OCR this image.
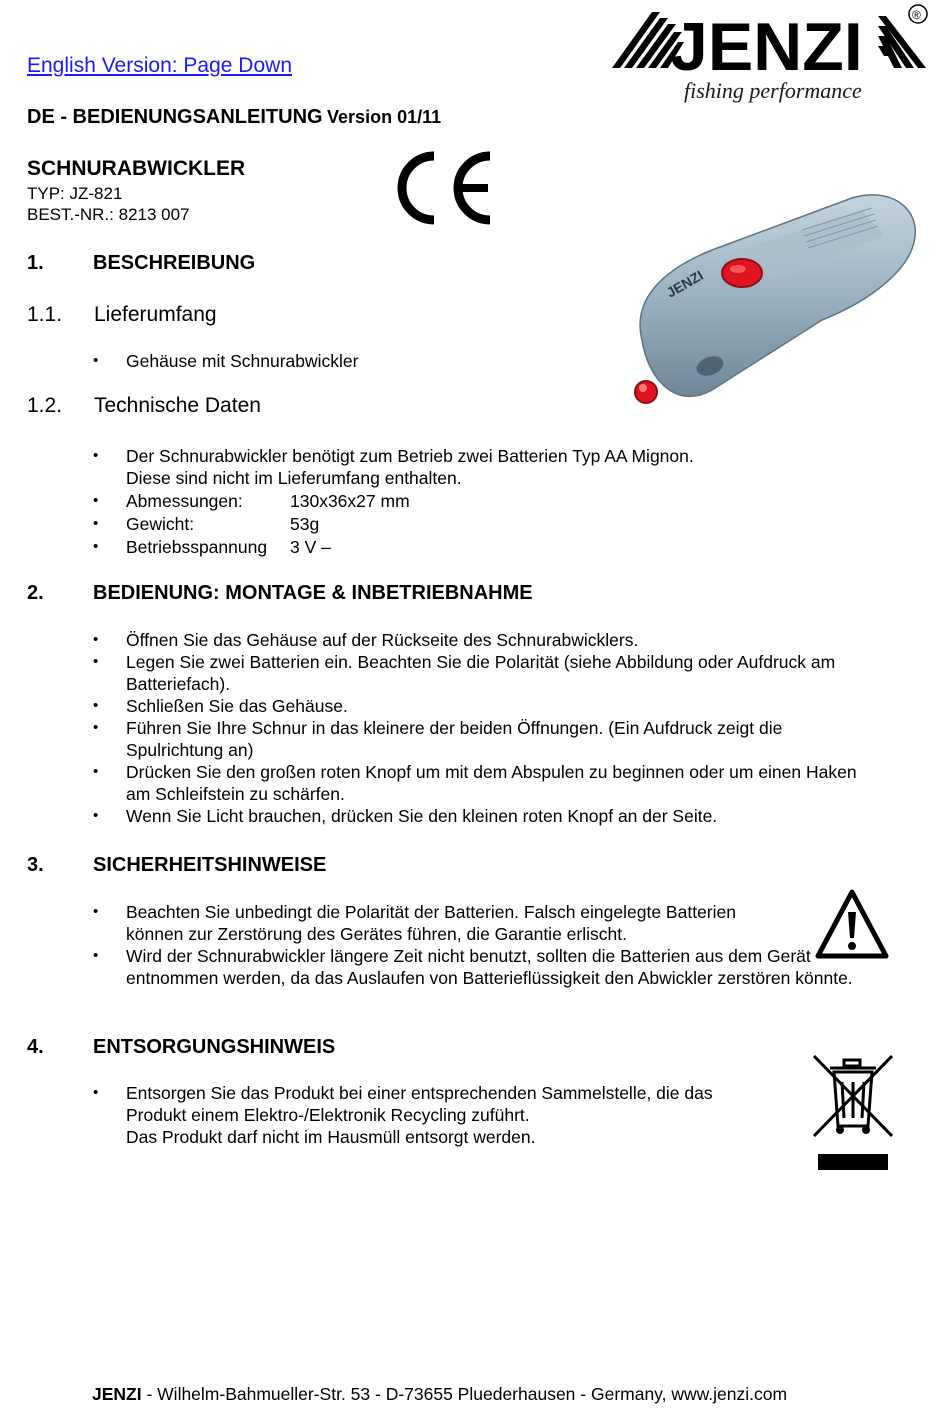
English Version: Page Down	JENZI	®
fishing performance
DE - BEDIENUNGSANLEITUNG Version 01/11
SCHNURABWICKLER
TYP: JZ-821
BEST.-NR.: 8213 007
JENZI
1. BESCHREIBUNG
1.1. Lieferumfang
• Gehäuse mit Schnurabwickler
1.2. Technische Daten
• Der Schnurabwickler benötigt zum Betrieb zwei Batterien Typ AA Mignon.
Diese sind nicht im Lieferumfang enthalten.
• Abmessungen:	130x36x27 mm
• Gewicht:	53g
• Betriebsspannung 3 V –
2. BEDIENUNG: MONTAGE & INBETRIEBNAHME
• Öffnen Sie das Gehäuse auf der Rückseite des Schnurabwicklers.
• Legen Sie zwei Batterien ein. Beachten Sie die Polarität (siehe Abbildung oder Aufdruck am Batteriefach).
• Schließen Sie das Gehäuse.
• Führen Sie Ihre Schnur in das kleinere der beiden Öffnungen. (Ein Aufdruck zeigt die Spulrichtung an)
• Drücken Sie den großen roten Knopf um mit dem Abspulen zu beginnen oder um einen Haken am Schleifstein zu schärfen.
• Wenn Sie Licht brauchen, drücken Sie den kleinen roten Knopf an der Seite.
3. SICHERHEITSHINWEISE
• Beachten Sie unbedingt die Polarität der Batterien. Falsch eingelegte Batterien können zur Zerstörung des Gerätes führen, die Garantie erlischt.
• Wird der Schnurabwickler längere Zeit nicht benutzt, sollten die Batterien aus dem Gerät entnommen werden, da das Auslaufen von Batterieflüssigkeit den Abwickler zerstören könnte.
4. ENTSORGUNGSHINWEIS
• Entsorgen Sie das Produkt bei einer entsprechenden Sammelstelle, die das
Produkt einem Elektro-/Elektronik Recycling zuführt.
Das Produkt darf nicht im Hausmüll entsorgt werden.
JENZI - Wilhelm-Bahmueller-Str. 53 - D-73655 Pluederhausen - Germany, www.jenzi.com
